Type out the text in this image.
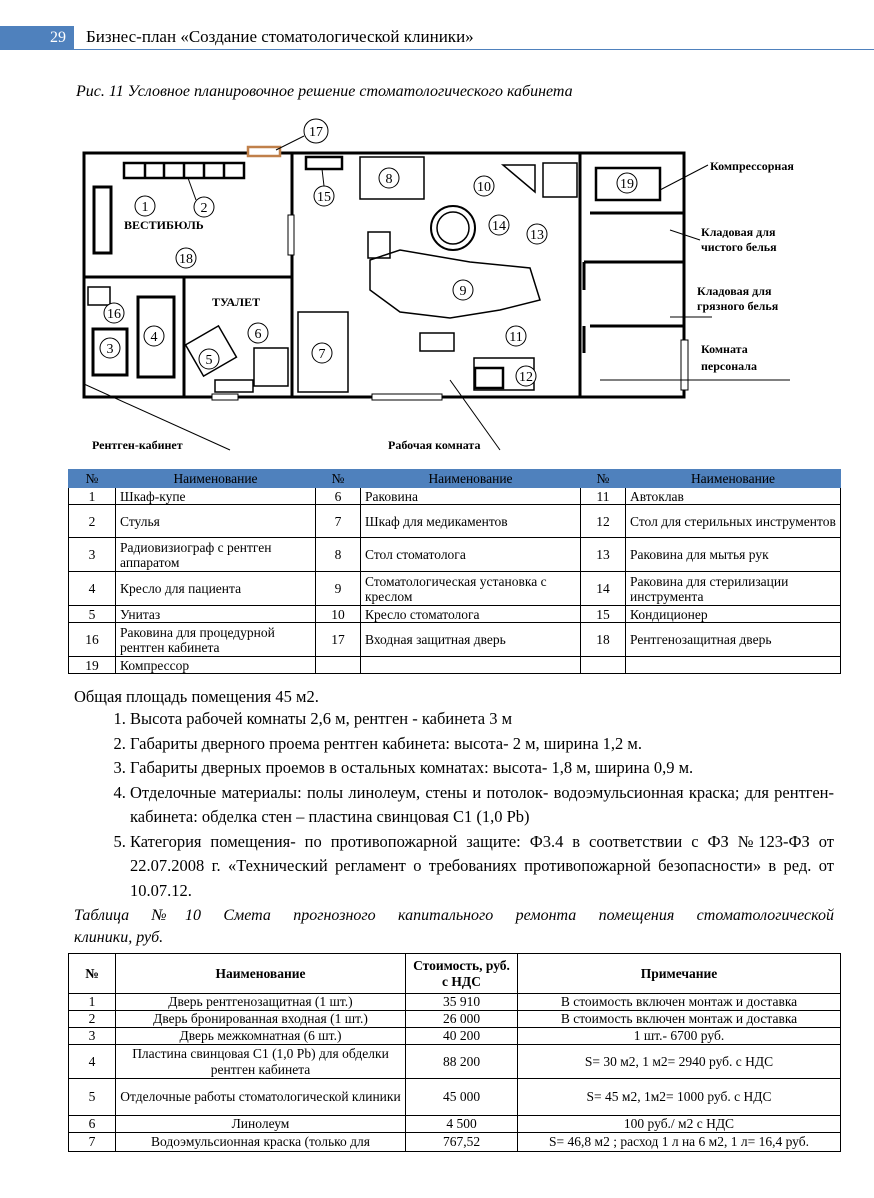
29	Бизнес-план «Создание стоматологической клиники»
Рис. 11 Условное планировочное решение стоматологического кабинета
1	2
3
4
5
6
7
8
9
10
11
12
13
14
15
16
17
18
19
ВЕСТИБЮЛЬ
ТУАЛЕТ
Компрессорная
Кладовая для
чистого белья
Кладовая для
грязного белья
Комната
персонала
Рентген-кабинет	Рабочая комната
№	Наименование	№	Наименование	№	Наименование
1	Шкаф-купе	6	Раковина	11	Автоклав
2	Стулья	7	Шкаф для медикаментов	12	Стол для стерильных инструментов
3	Радиовизиограф с рентген аппаратом	8	Стол стоматолога	13	Раковина для мытья рук
4	Кресло для пациента	9	Стоматологическая установка с креслом	14	Раковина для стерилизации инструмента
5	Унитаз	10	Кресло стоматолога	15	Кондиционер
16	Раковина для процедурной рентген кабинета	17	Входная защитная дверь	18	Рентгенозащитная дверь
19	Компрессор				
Общая площадь помещения 45 м2.
1. Высота рабочей комнаты 2,6 м, рентген - кабинета 3 м
2. Габариты дверного проема рентген кабинета: высота- 2 м, ширина 1,2 м.
3. Габариты дверных проемов в остальных комнатах: высота- 1,8 м, ширина 0,9 м.
4. Отделочные материалы: полы линолеум, стены и потолок- водоэмульсионная краска; для рентген- кабинета: обделка стен – пластина свинцовая С1 (1,0 Pb)
5. Категория помещения- по противопожарной защите: Ф3.4 в соответствии с ФЗ №123-ФЗ от 22.07.2008 г. «Технический регламент о требованиях противопожарной безопасности» в ред. от 10.07.12.
Таблица №10 Смета прогнозного капитального ремонта помещения стоматологической
клиники, руб.
№	Наименование	Стоимость, руб. с НДС	Примечание
1	Дверь рентгенозащитная (1 шт.)	35 910	В стоимость включен монтаж и доставка
2	Дверь бронированная входная (1 шт.)	26 000	В стоимость включен монтаж и доставка
3	Дверь межкомнатная (6 шт.)	40 200	1 шт.- 6700 руб.
4	Пластина свинцовая С1 (1,0 Pb) для обделки рентген кабинета	88 200	S= 30 м2, 1 м2= 2940 руб. с НДС
5	Отделочные работы стоматологической клиники	45 000	S= 45 м2, 1м2= 1000 руб. с НДС
6	Линолеум	4 500	100 руб./ м2 с НДС
7	Водоэмульсионная краска (только для	767,52	S= 46,8 м2 ; расход 1 л на 6 м2, 1 л= 16,4 руб.
